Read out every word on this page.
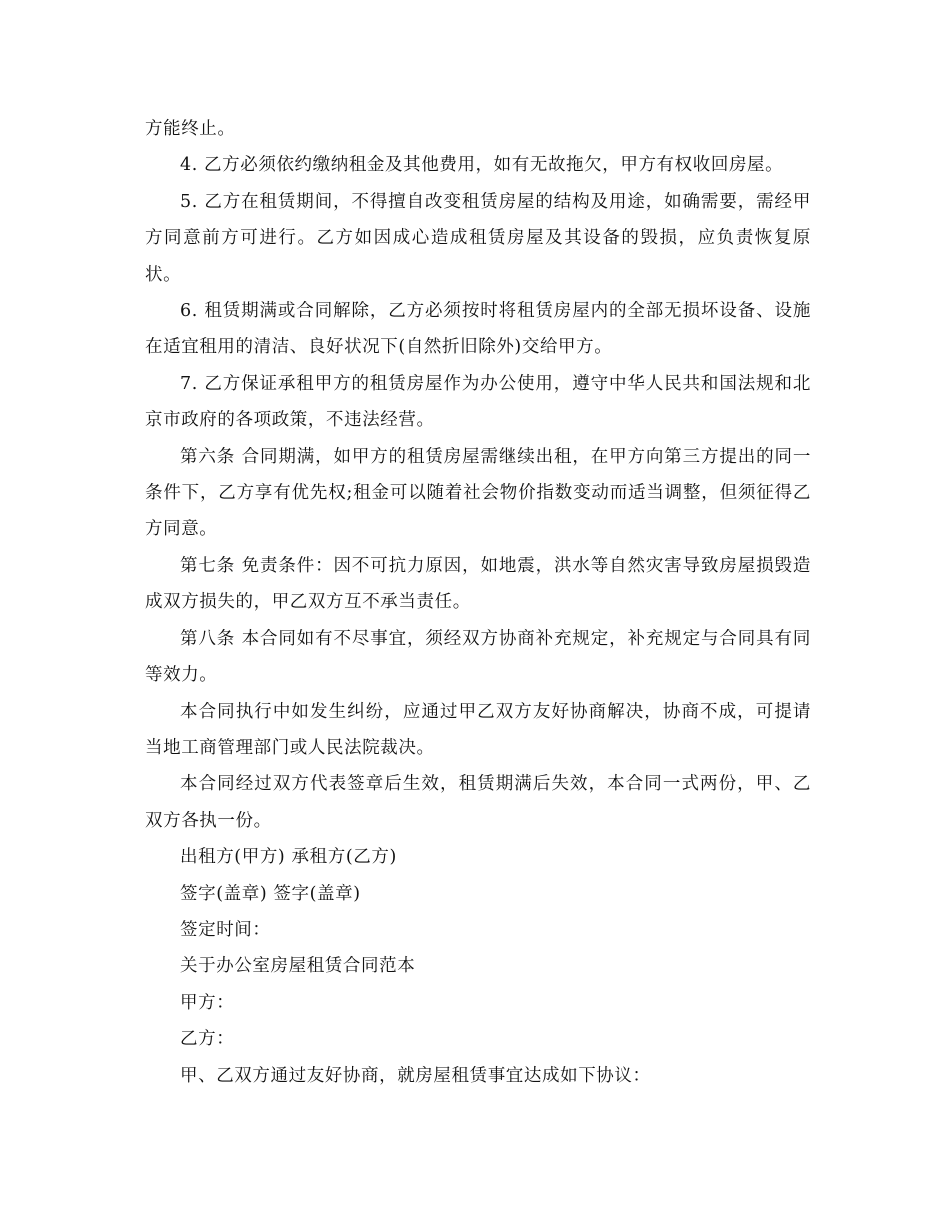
方能终止。

4. 乙方必须依约缴纳租金及其他费用，如有无故拖欠，甲方有权收回房屋。

5. 乙方在租赁期间，不得擅自改变租赁房屋的结构及用途，如确需要，需经甲方同意前方可进行。乙方如因成心造成租赁房屋及其设备的毁损，应负责恢复原状。

6. 租赁期满或合同解除，乙方必须按时将租赁房屋内的全部无损坏设备、设施在适宜租用的清洁、良好状况下(自然折旧除外)交给甲方。

7. 乙方保证承租甲方的租赁房屋作为办公使用，遵守中华人民共和国法规和北京市政府的各项政策，不违法经营。

第六条 合同期满，如甲方的租赁房屋需继续出租，在甲方向第三方提出的同一条件下，乙方享有优先权;租金可以随着社会物价指数变动而适当调整，但须征得乙方同意。

第七条 免责条件：因不可抗力原因，如地震，洪水等自然灾害导致房屋损毁造成双方损失的，甲乙双方互不承当责任。

第八条 本合同如有不尽事宜，须经双方协商补充规定，补充规定与合同具有同等效力。

本合同执行中如发生纠纷，应通过甲乙双方友好协商解决，协商不成，可提请当地工商管理部门或人民法院裁决。

本合同经过双方代表签章后生效，租赁期满后失效，本合同一式两份，甲、乙双方各执一份。

出租方(甲方) 承租方(乙方)

签字(盖章) 签字(盖章)

签定时间：

关于办公室房屋租赁合同范本

甲方：

乙方：

甲、乙双方通过友好协商，就房屋租赁事宜达成如下协议：
